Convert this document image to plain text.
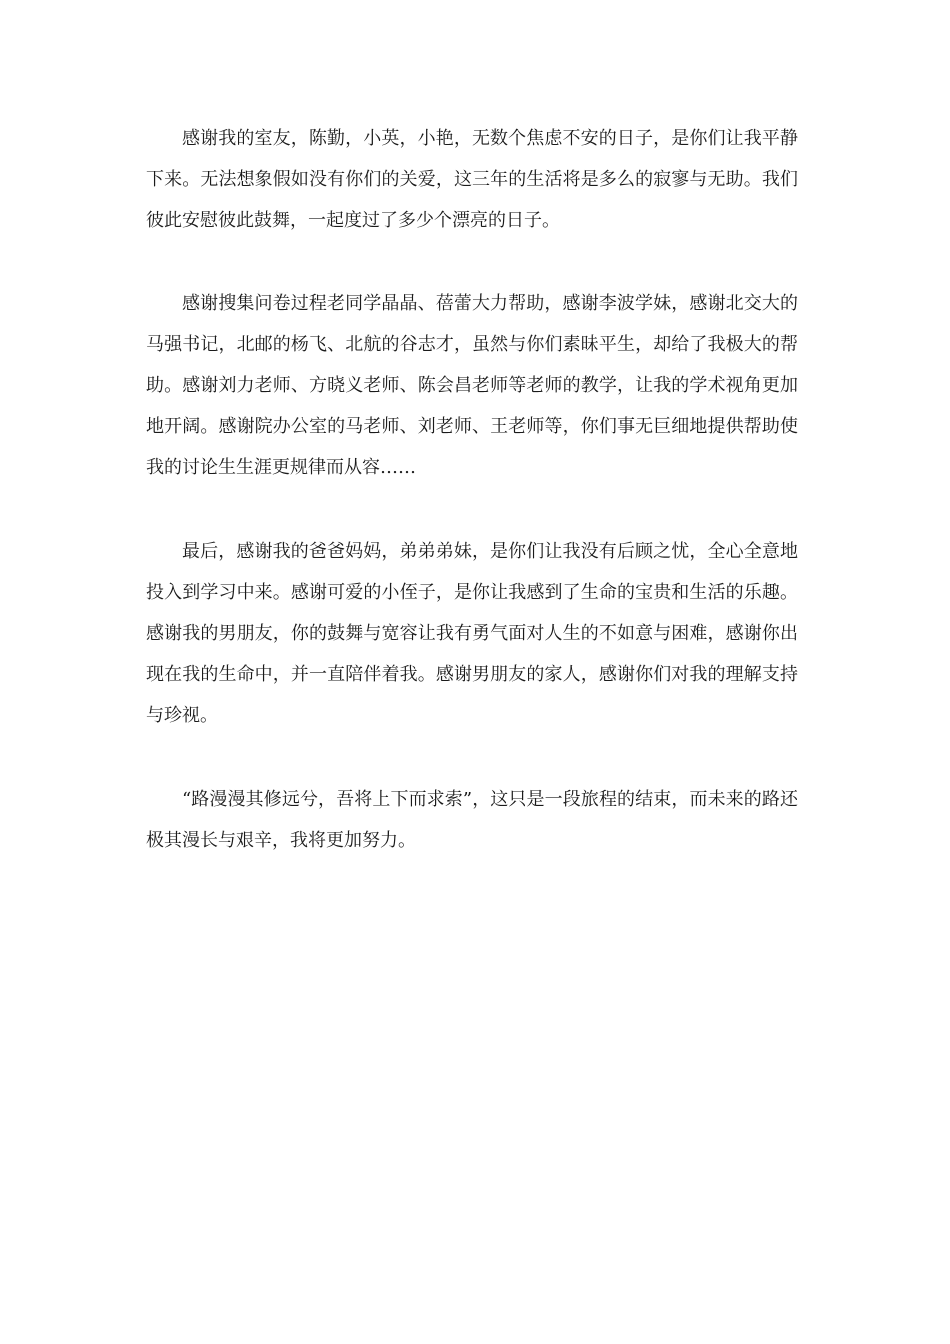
感谢我的室友，陈勤，小英，小艳，无数个焦虑不安的日子，是你们让我平静下来。无法想象假如没有你们的关爱，这三年的生活将是多么的寂寥与无助。我们彼此安慰彼此鼓舞，一起度过了多少个漂亮的日子。

感谢搜集问卷过程老同学晶晶、蓓蕾大力帮助，感谢李波学妹，感谢北交大的马强书记，北邮的杨飞、北航的谷志才，虽然与你们素昧平生，却给了我极大的帮助。感谢刘力老师、方晓义老师、陈会昌老师等老师的教学，让我的学术视角更加地开阔。感谢院办公室的马老师、刘老师、王老师等，你们事无巨细地提供帮助使我的讨论生生涯更规律而从容……

最后，感谢我的爸爸妈妈，弟弟弟妹，是你们让我没有后顾之忧，全心全意地投入到学习中来。感谢可爱的小侄子，是你让我感到了生命的宝贵和生活的乐趣。感谢我的男朋友，你的鼓舞与宽容让我有勇气面对人生的不如意与困难，感谢你出现在我的生命中，并一直陪伴着我。感谢男朋友的家人，感谢你们对我的理解支持与珍视。

“路漫漫其修远兮，吾将上下而求索”，这只是一段旅程的结束，而未来的路还极其漫长与艰辛，我将更加努力。
